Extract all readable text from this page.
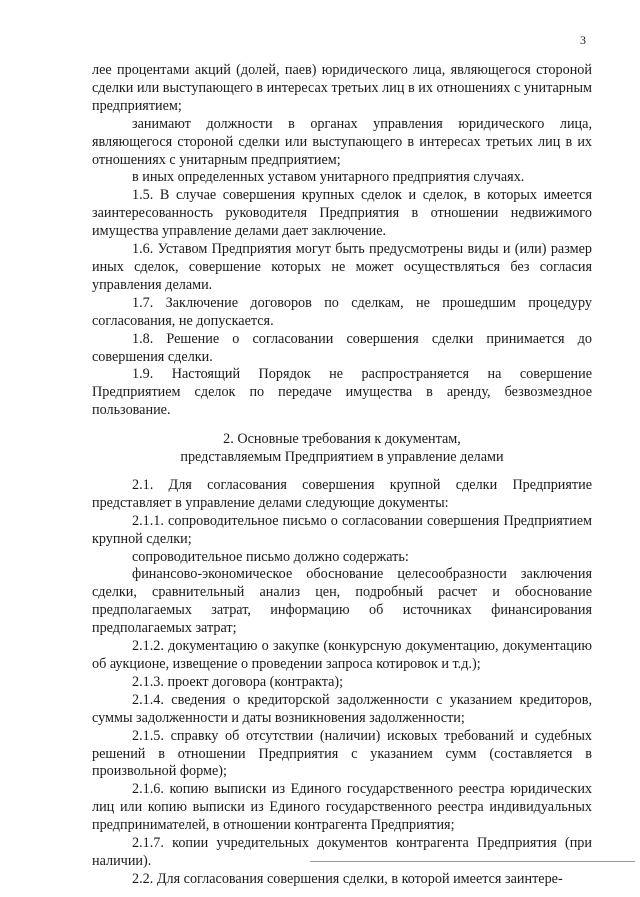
3

лее процентами акций (долей, паев) юридического лица, являющегося стороной сделки или выступающего в интересах третьих лиц в их отношениях с унитарным предприятием;

занимают должности в органах управления юридического лица, являющегося стороной сделки или выступающего в интересах третьих лиц в их отношениях с унитарным предприятием;

в иных определенных уставом унитарного предприятия случаях.

1.5. В случае совершения крупных сделок и сделок, в которых имеется заинтересованность руководителя Предприятия в отношении недвижимого имущества управление делами дает заключение.

1.6. Уставом Предприятия могут быть предусмотрены виды и (или) размер иных сделок, совершение которых не может осуществляться без согласия управления делами.

1.7. Заключение договоров по сделкам, не прошедшим процедуру согласования, не допускается.

1.8. Решение о согласовании совершения сделки принимается до совершения сделки.

1.9. Настоящий Порядок не распространяется на совершение Предприятием сделок по передаче имущества в аренду, безвозмездное пользование.

2. Основные требования к документам,
представляемым Предприятием в управление делами

2.1. Для согласования совершения крупной сделки Предприятие представляет в управление делами следующие документы:

2.1.1. сопроводительное письмо о согласовании совершения Предприятием крупной сделки;

сопроводительное письмо должно содержать:

финансово-экономическое обоснование целесообразности заключения сделки, сравнительный анализ цен, подробный расчет и обоснование предполагаемых затрат, информацию об источниках финансирования предполагаемых затрат;

2.1.2. документацию о закупке (конкурсную документацию, документацию об аукционе, извещение о проведении запроса котировок и т.д.);

2.1.3. проект договора (контракта);

2.1.4. сведения о кредиторской задолженности с указанием кредиторов, суммы задолженности и даты возникновения задолженности;

2.1.5. справку об отсутствии (наличии) исковых требований и судебных решений в отношении Предприятия с указанием сумм (составляется в произвольной форме);

2.1.6. копию выписки из Единого государственного реестра юридических лиц или копию выписки из Единого государственного реестра индивидуальных предпринимателей, в отношении контрагента Предприятия;

2.1.7. копии учредительных документов контрагента Предприятия (при наличии).

2.2. Для согласования совершения сделки, в которой имеется заинтере-
